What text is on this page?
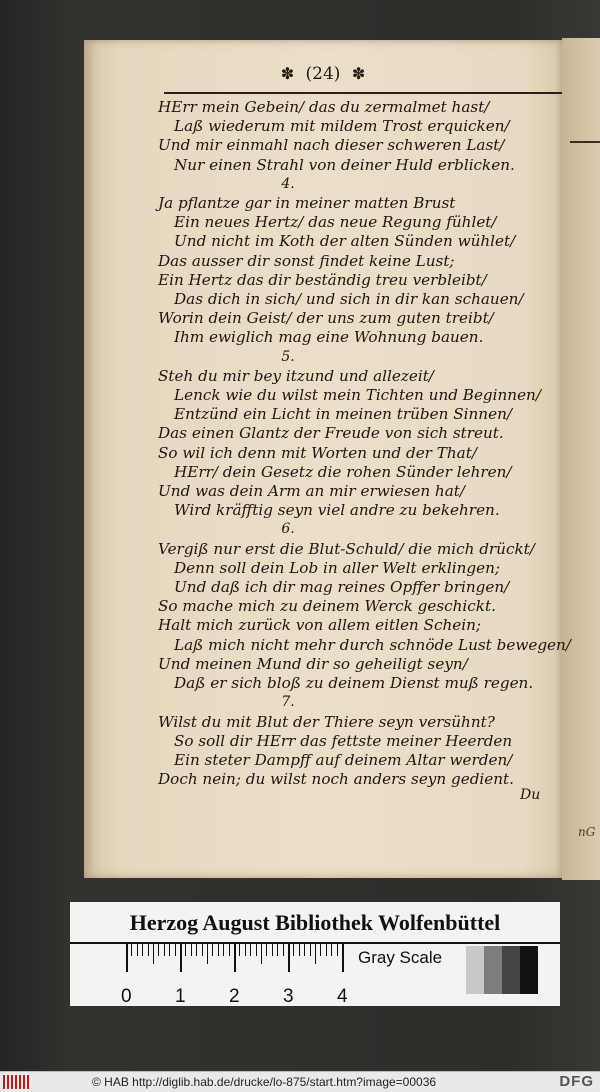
nG
✽ (24) ✽
HErr mein Gebein/ das du zermalmet hast/
Laß wiederum mit mildem Trost erquicken/
Und mir einmahl nach dieser schweren Last/
Nur einen Strahl von deiner Huld erblicken.
4.
Ja pflantze gar in meiner matten Brust
Ein neues Hertz/ das neue Regung fühlet/
Und nicht im Koth der alten Sünden wühlet/
Das ausser dir sonst findet keine Lust;
Ein Hertz das dir beständig treu verbleibt/
Das dich in sich/ und sich in dir kan schauen/
Worin dein Geist/ der uns zum guten treibt/
Ihm ewiglich mag eine Wohnung bauen.
5.
Steh du mir bey itzund und allezeit/
Lenck wie du wilst mein Tichten und Beginnen/
Entzünd ein Licht in meinen trüben Sinnen/
Das einen Glantz der Freude von sich streut.
So wil ich denn mit Worten und der That/
HErr/ dein Gesetz die rohen Sünder lehren/
Und was dein Arm an mir erwiesen hat/
Wird kräfftig seyn viel andre zu bekehren.
6.
Vergiß nur erst die Blut-Schuld/ die mich drückt/
Denn soll dein Lob in aller Welt erklingen;
Und daß ich dir mag reines Opffer bringen/
So mache mich zu deinem Werck geschickt.
Halt mich zurück von allem eitlen Schein;
Laß mich nicht mehr durch schnöde Lust bewegen/
Und meinen Mund dir so geheiligt seyn/
Daß er sich bloß zu deinem Dienst muß regen.
7.
Wilst du mit Blut der Thiere seyn versühnt?
So soll dir HErr das fettste meiner Heerden
Ein steter Dampff auf deinem Altar werden/
Doch nein; du wilst noch anders seyn gedient.
Du
Herzog August Bibliothek Wolfenbüttel
0 1 2 3 4
Gray Scale
© HAB http://diglib.hab.de/drucke/lo-875/start.htm?image=00036	DFG
